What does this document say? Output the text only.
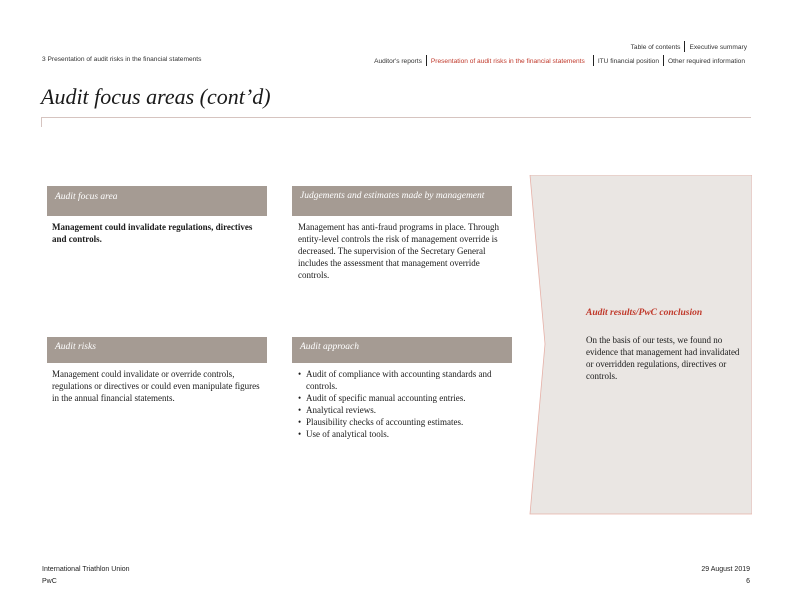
Table of contents Executive summary
3 Presentation of audit risks in the financial statements	Auditor's reports Presentation of audit risks in the financial statements ITU financial position Other required information
Audit focus areas (cont’d)
Audit focus area
Management could invalidate regulations, directives and controls.
Judgements and estimates made by management
Management has anti-fraud programs in place. Through entity-level controls the risk of management override is decreased. The supervision of the Secretary General includes the assessment that management override controls.
Audit risks
Management could invalidate or override controls, regulations or directives or could even manipulate figures in the annual financial statements.
Audit approach
• Audit of compliance with accounting standards and controls.
• Audit of specific manual accounting entries.
• Analytical reviews.
• Plausibility checks of accounting estimates.
• Use of analytical tools.
Audit results/PwC conclusion
On the basis of our tests, we found no evidence that management had invalidated or overridden regulations, directives or controls.
International Triathlon Union
PwC
29 August 2019
6
